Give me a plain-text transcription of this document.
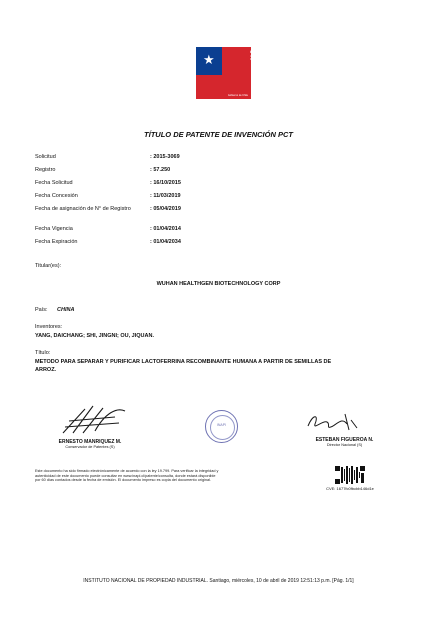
★
inapi
Instituto Nacional de Propiedad Industrial
Gobierno de Chile
TÍTULO DE PATENTE DE INVENCIÓN PCT
Solicitud	: 2015-3069
Registro	: 57.250
Fecha Solicitud	: 16/10/2015
Fecha Concesión	: 11/03/2019
Fecha de asignación de N° de Registro	: 05/04/2019
Fecha Vigencia	: 01/04/2014
Fecha Expiración	: 01/04/2034
Titular(es):
WUHAN HEALTHGEN BIOTECHNOLOGY CORP
País: CHINA
Inventores:
YANG, DAICHANG; SHI, JINGNI; OU, JIQUAN.
Título:
METODO PARA SEPARAR Y PURIFICAR LACTOFERRINA RECOMBINANTE HUMANA A PARTIR DE SEMILLAS DE
ARROZ.
ERNESTO MANRIQUEZ M.
Conservador de Patentes (S)
INAPI
ESTEBAN FIGUEROA N.
Director Nacional (S)
Este documento ha sido firmado electrónicamente de acuerdo con la ley 19.799. Para verificar la integridad y
autenticidad de este documento puede consultar en www.inapi.cl/patente/consulta, donde estará disponible
por 60 días contados desde la fecha de emisión. El documento impreso es copia del documento original.
CVE: 1677fc0fbcbb146d1e
INSTITUTO NACIONAL DE PROPIEDAD INDUSTRIAL. Santiago, miércoles, 10 de abril de 2019 12:51:13 p.m. [Pág. 1/1]
